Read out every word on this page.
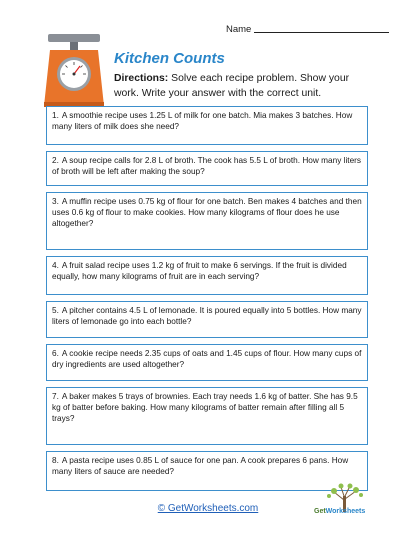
Name
Kitchen Counts
Directions: Solve each recipe problem. Show your work. Write your answer with the correct unit.
1. A smoothie recipe uses 1.25 L of milk for one batch. Mia makes 3 batches. How many liters of milk does she need?
2. A soup recipe calls for 2.8 L of broth. The cook has 5.5 L of broth. How many liters of broth will be left after making the soup?
3. A muffin recipe uses 0.75 kg of flour for one batch. Ben makes 4 batches and then uses 0.6 kg of flour to make cookies. How many kilograms of flour does he use altogether?
4. A fruit salad recipe uses 1.2 kg of fruit to make 6 servings. If the fruit is divided equally, how many kilograms of fruit are in each serving?
5. A pitcher contains 4.5 L of lemonade. It is poured equally into 5 bottles. How many liters of lemonade go into each bottle?
6. A cookie recipe needs 2.35 cups of oats and 1.45 cups of flour. How many cups of dry ingredients are used altogether?
7. A baker makes 5 trays of brownies. Each tray needs 1.6 kg of batter. She has 9.5 kg of batter before baking. How many kilograms of batter remain after filling all 5 trays?
8. A pasta recipe uses 0.85 L of sauce for one pan. A cook prepares 6 pans. How many liters of sauce are needed?
© GetWorksheets.com	GetWorksheets
